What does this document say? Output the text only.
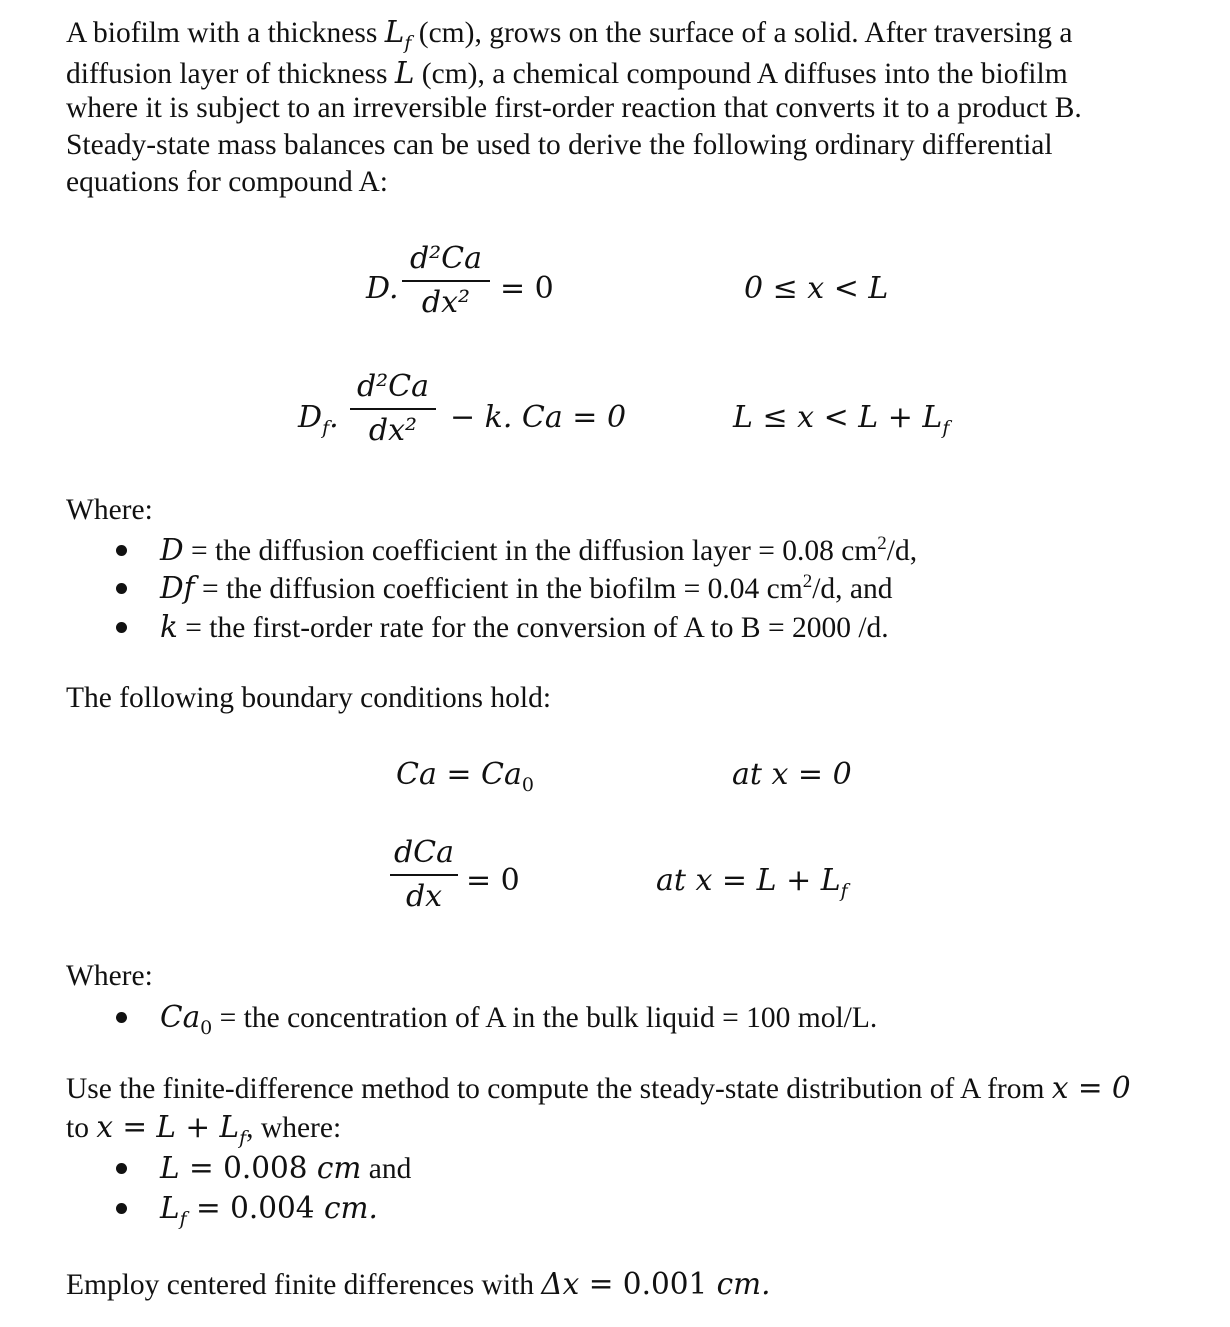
A biofilm with a thickness $L_f$ (cm), grows on the surface of a solid. After traversing a
diffusion layer of thickness L (cm), a chemical compound A diffuses into the biofilm
where it is subject to an irreversible first-order reaction that converts it to a product B.
Steady-state mass balances can be used to derive the following ordinary differential
equations for compound A:
D.
d²Ca
dx² = 0	0 ≤ x < L
$D_f$.
d²Ca
dx²	− k. Ca = 0	$L \le x < L + L_f$
Where:
D = the diffusion coefficient in the diffusion layer = 0.08 $cm^2/d$,
Df = the diffusion coefficient in the biofilm = 0.04 $cm^2/d$, and
k = the first-order rate for the conversion of A to B = 2000 /d.
The following boundary conditions hold:
$Ca = Ca_0$	at x = 0
dCa
dx = 0	at $x = L + L_f$
Where:
$Ca_0$ = the concentration of A in the bulk liquid = 100 mol/L.
Use the finite-difference method to compute the steady-state distribution of A from x = 0
to $x = L + L_f$, where:
L = 0.008 cm and
$L_f = 0.004$ cm.
Employ centered finite differences with Δx = 0.001 cm.
